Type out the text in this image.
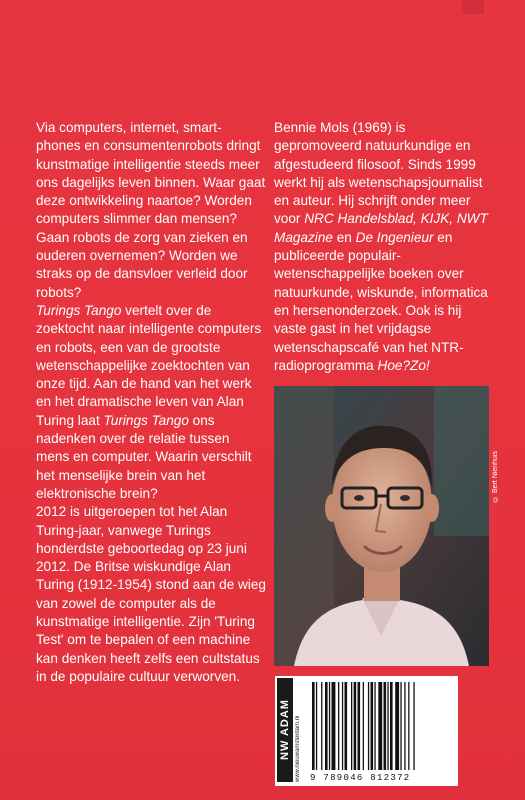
Via computers, internet, smart-phones en consumentenrobots dringt kunstmatige intelligentie steeds meer ons dagelijks leven binnen. Waar gaat deze ontwikkeling naartoe? Worden computers slimmer dan mensen? Gaan robots de zorg van zieken en ouderen overnemen? Worden we straks op de dansvloer verleid door robots?

Turings Tango vertelt over de zoektocht naar intelligente computers en robots, een van de grootste wetenschappelijke zoektochten van onze tijd. Aan de hand van het werk en het dramatische leven van Alan Turing laat Turings Tango ons nadenken over de relatie tussen mens en computer. Waarin verschilt het menselijke brein van het elektronische brein?

2012 is uitgeroepen tot het Alan Turing-jaar, vanwege Turings honderdste geboortedag op 23 juni 2012. De Britse wiskundige Alan Turing (1912-1954) stond aan de wieg van zowel de computer als de kunstmatige intelligentie. Zijn 'Turing Test' om te bepalen of een machine kan denken heeft zelfs een cultstatus in de populaire cultuur verworven.

Bennie Mols (1969) is gepromoveerd natuurkundige en afgestudeerd filosoof. Sinds 1999 werkt hij als wetenschapsjournalist en auteur. Hij schrijft onder meer voor NRC Handelsblad, KIJK, NWT Magazine en De Ingenieur en publiceerde populair-wetenschappelijke boeken over natuurkunde, wiskunde, informatica en hersenonderzoek. Ook is hij vaste gast in het vrijdagse wetenschapscafé van het NTR-radioprogramma Hoe?Zo!

© Bert Nienhuis
NW ADAM www.nieuwamsterdam.nl	9 789046 812372
